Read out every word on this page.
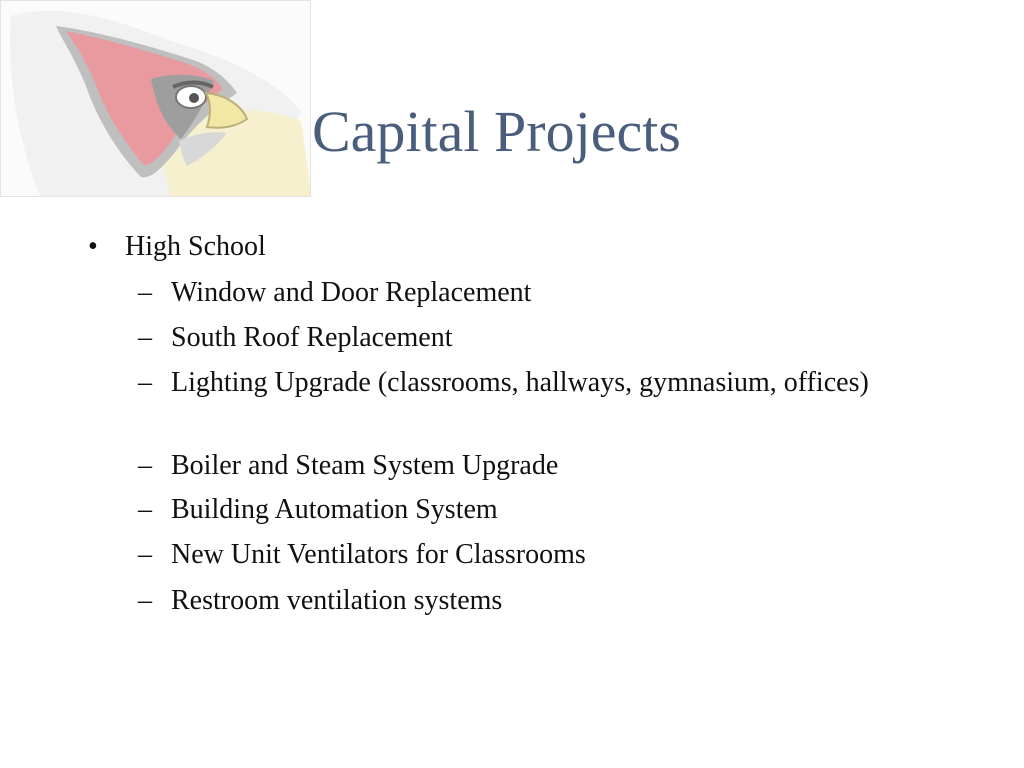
Capital Projects
• High School
– Window and Door Replacement
– South Roof Replacement
– Lighting Upgrade (classrooms, hallways, gymnasium, offices)
– Boiler and Steam System Upgrade
– Building Automation System
– New Unit Ventilators for Classrooms
– Restroom ventilation systems
